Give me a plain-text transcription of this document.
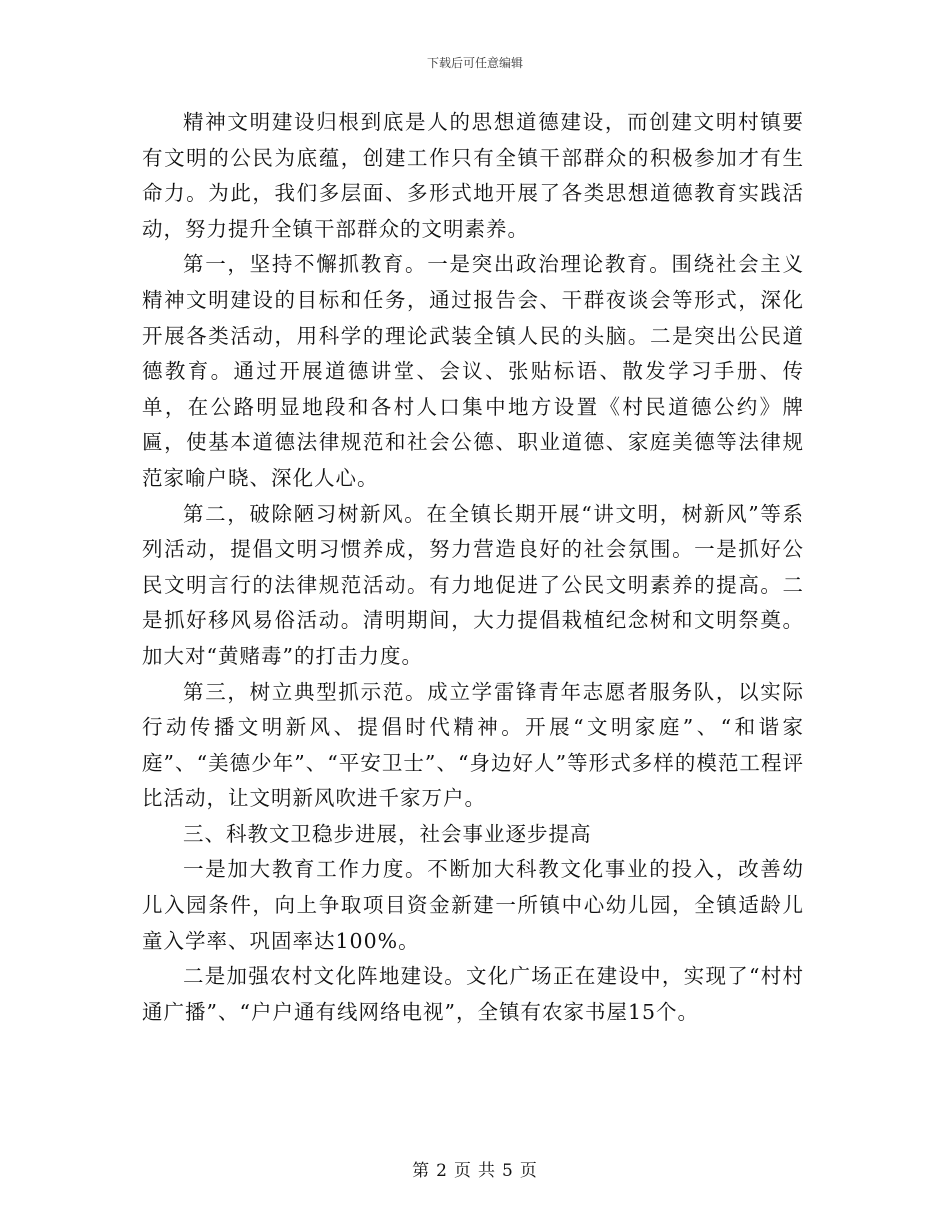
下载后可任意编辑

精神文明建设归根到底是人的思想道德建设，而创建文明村镇要有文明的公民为底蕴，创建工作只有全镇干部群众的积极参加才有生命力。为此，我们多层面、多形式地开展了各类思想道德教育实践活动，努力提升全镇干部群众的文明素养。

第一，坚持不懈抓教育。一是突出政治理论教育。围绕社会主义精神文明建设的目标和任务，通过报告会、干群夜谈会等形式，深化开展各类活动，用科学的理论武装全镇人民的头脑。二是突出公民道德教育。通过开展道德讲堂、会议、张贴标语、散发学习手册、传单，在公路明显地段和各村人口集中地方设置《村民道德公约》牌匾，使基本道德法律规范和社会公德、职业道德、家庭美德等法律规范家喻户晓、深化人心。

第二，破除陋习树新风。在全镇长期开展“讲文明，树新风”等系列活动，提倡文明习惯养成，努力营造良好的社会氛围。一是抓好公民文明言行的法律规范活动。有力地促进了公民文明素养的提高。二是抓好移风易俗活动。清明期间，大力提倡栽植纪念树和文明祭奠。加大对“黄赌毒”的打击力度。

第三，树立典型抓示范。成立学雷锋青年志愿者服务队，以实际行动传播文明新风、提倡时代精神。开展“文明家庭”、“和谐家庭”、“美德少年”、“平安卫士”、“身边好人”等形式多样的模范工程评比活动，让文明新风吹进千家万户。

三、科教文卫稳步进展，社会事业逐步提高

一是加大教育工作力度。不断加大科教文化事业的投入，改善幼儿入园条件，向上争取项目资金新建一所镇中心幼儿园，全镇适龄儿童入学率、巩固率达100%。

二是加强农村文化阵地建设。文化广场正在建设中，实现了“村村通广播”、“户户通有线网络电视”，全镇有农家书屋15个。

第 2 页 共 5 页
